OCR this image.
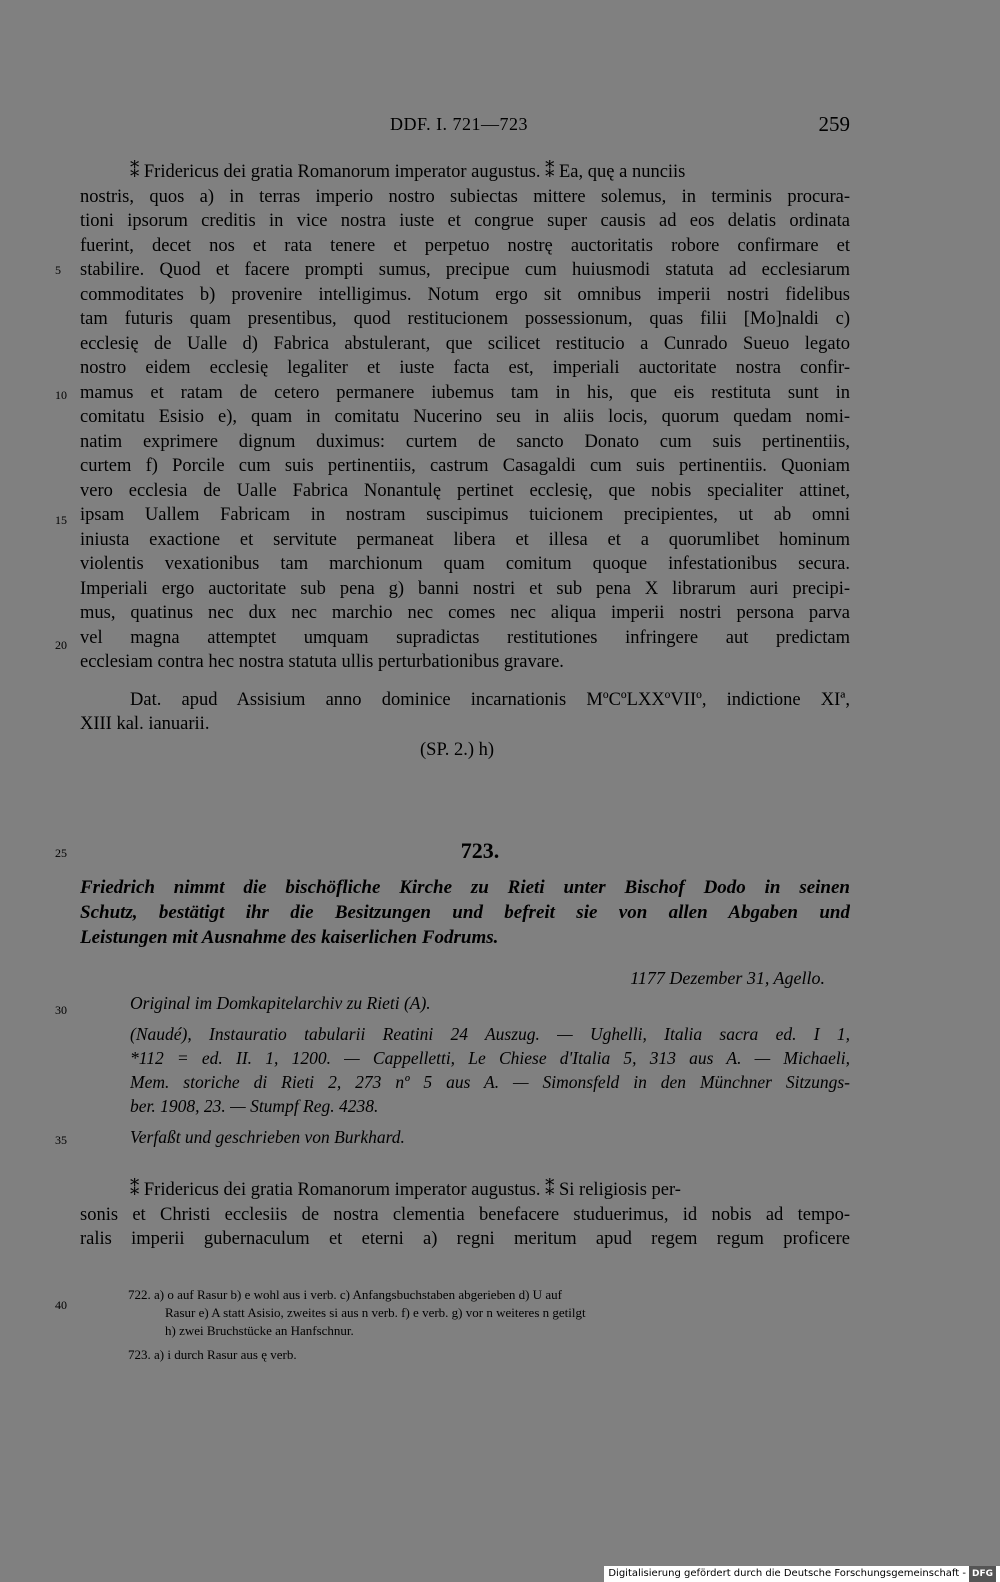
DDF. I. 721—723	259
⁑ Fridericus dei gratia Romanorum imperator augustus. ⁑ Ea, quę a nunciis
nostris, quos a) in terras imperio nostro subiectas mittere solemus, in terminis procura-
tioni ipsorum creditis in vice nostra iuste et congrue super causis ad eos delatis ordinata
fuerint, decet nos et rata tenere et perpetuo nostrę auctoritatis robore confirmare et
stabilire. Quod et facere prompti sumus, precipue cum huiusmodi statuta ad ecclesiarum
commoditates b) provenire intelligimus. Notum ergo sit omnibus imperii nostri fidelibus
tam futuris quam presentibus, quod restitucionem possessionum, quas filii [Mo]naldi c)
ecclesię de Ualle d) Fabrica abstulerant, que scilicet restitucio a Cunrado Sueuo legato
nostro eidem ecclesię legaliter et iuste facta est, imperiali auctoritate nostra confir-
mamus et ratam de cetero permanere iubemus tam in his, que eis restituta sunt in
comitatu Esisio e), quam in comitatu Nucerino seu in aliis locis, quorum quedam nomi-
natim exprimere dignum duximus: curtem de sancto Donato cum suis pertinentiis,
curtem f) Porcile cum suis pertinentiis, castrum Casagaldi cum suis pertinentiis. Quoniam
vero ecclesia de Ualle Fabrica Nonantulę pertinet ecclesię, que nobis specialiter attinet,
ipsam Uallem Fabricam in nostram suscipimus tuicionem precipientes, ut ab omni
iniusta exactione et servitute permaneat libera et illesa et a quorumlibet hominum
violentis vexationibus tam marchionum quam comitum quoque infestationibus secura.
Imperiali ergo auctoritate sub pena g) banni nostri et sub pena X librarum auri precipi-
mus, quatinus nec dux nec marchio nec comes nec aliqua imperii nostri persona parva
vel magna attemptet umquam supradictas restitutiones infringere aut predictam
ecclesiam contra hec nostra statuta ullis perturbationibus gravare.
Dat. apud Assisium anno dominice incarnationis MºCºLXXºVIIº, indictione XIª,
XIII kal. ianuarii.
(SP. 2.) h)
5
10
15
20
25
30
35
40
723.
Friedrich nimmt die bischöfliche Kirche zu Rieti unter Bischof Dodo in seinen
Schutz, bestätigt ihr die Besitzungen und befreit sie von allen Abgaben und
Leistungen mit Ausnahme des kaiserlichen Fodrums.
1177 Dezember 31, Agello.
Original im Domkapitelarchiv zu Rieti (A).
(Naudé), Instauratio tabularii Reatini 24 Auszug. — Ughelli, Italia sacra ed. I 1,
*112 = ed. II. 1, 1200. — Cappelletti, Le Chiese d'Italia 5, 313 aus A. — Michaeli,
Mem. storiche di Rieti 2, 273 nº 5 aus A. — Simonsfeld in den Münchner Sitzungs-
ber. 1908, 23. — Stumpf Reg. 4238.
Verfaßt und geschrieben von Burkhard.
⁑ Fridericus dei gratia Romanorum imperator augustus. ⁑ Si religiosis per-
sonis et Christi ecclesiis de nostra clementia benefacere studuerimus, id nobis ad tempo-
ralis imperii gubernaculum et eterni a) regni meritum apud regem regum proficere
722. a) o auf Rasur b) e wohl aus i verb. c) Anfangsbuchstaben abgerieben d) U auf
Rasur e) A statt Asisio, zweites si aus n verb. f) e verb. g) vor n weiteres n getilgt
h) zwei Bruchstücke an Hanfschnur.
723. a) i durch Rasur aus ę verb.
Digitalisierung gefördert durch die Deutsche Forschungsgemeinschaft - DFG
